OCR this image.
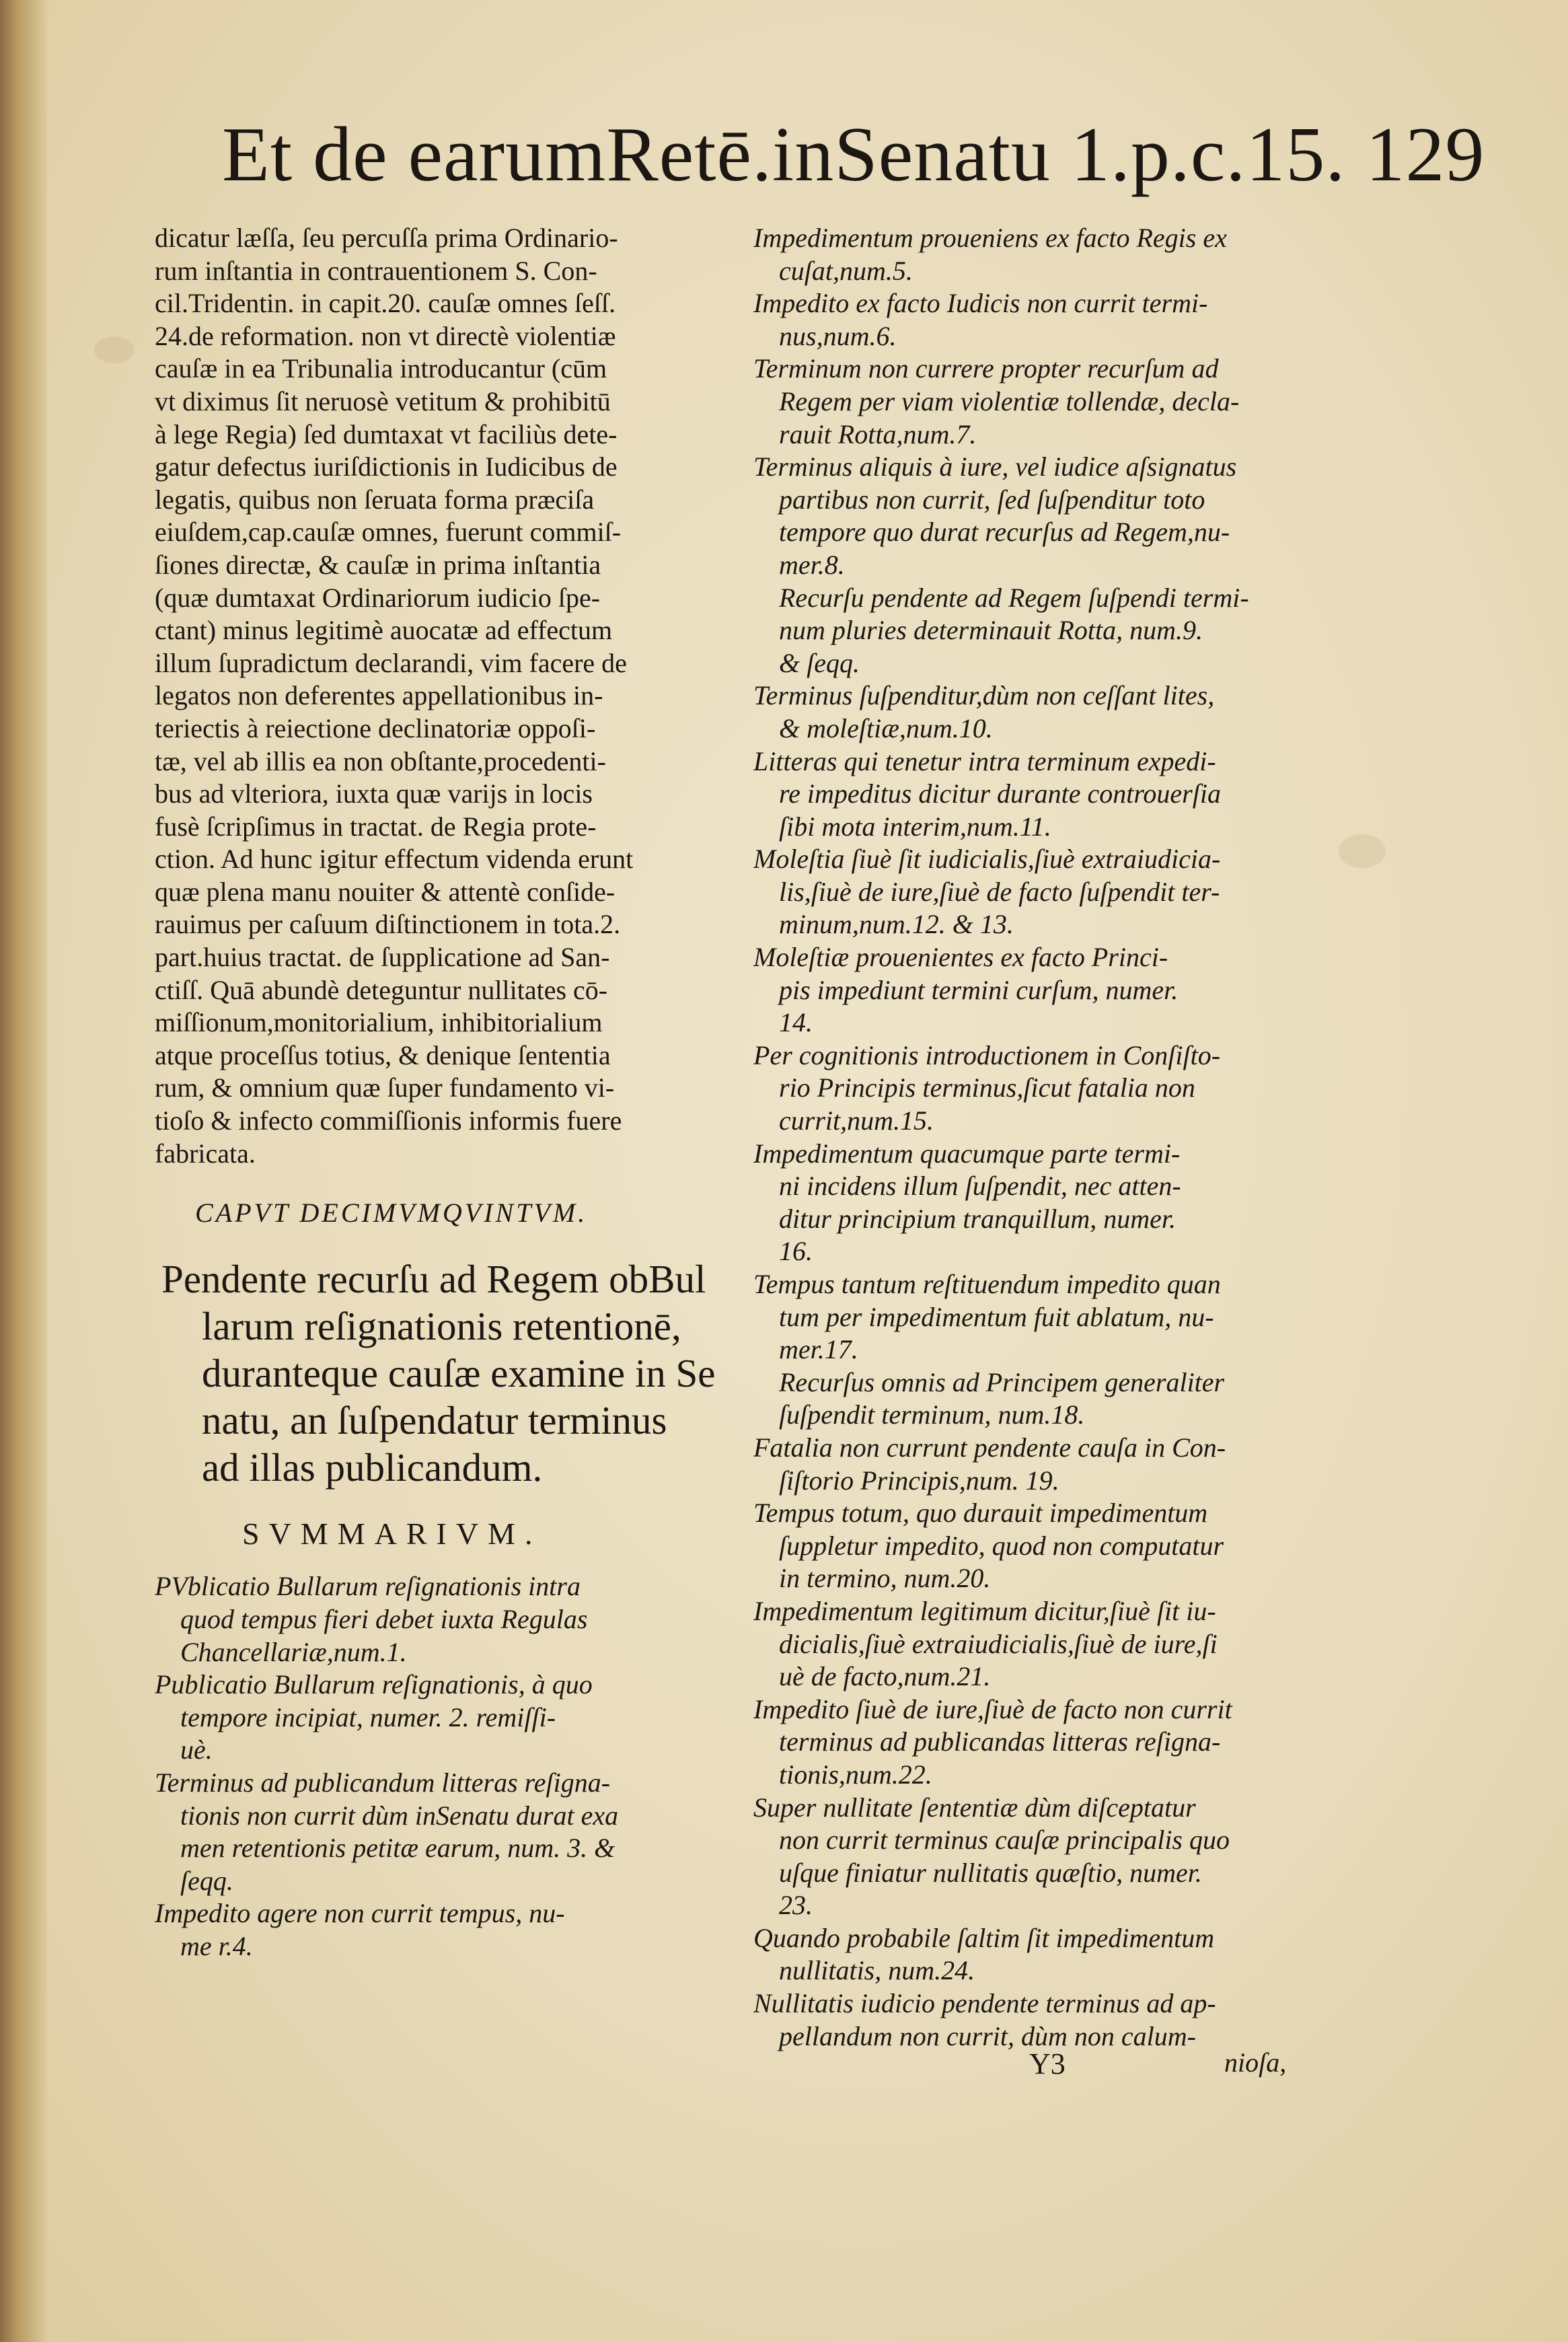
Et de earumRetē.inSenatu 1.p.c.15. 129
dicatur læſſa, ſeu percuſſa prima Ordinario-
rum inſtantia in contrauentionem S. Con-
cil.Tridentin. in capit.20. cauſæ omnes ſeſſ.
24.de reformation. non vt directè violentiæ
cauſæ in ea Tribunalia introducantur (cūm
vt diximus ſit neruosè vetitum & prohibitū
à lege Regia) ſed dumtaxat vt faciliùs dete-
gatur defectus iuriſdictionis in Iudicibus de
legatis, quibus non ſeruata forma præciſa
eiuſdem,cap.cauſæ omnes, fuerunt commiſ-
ſiones directæ, & cauſæ in prima inſtantia
(quæ dumtaxat Ordinariorum iudicio ſpe-
ctant) minus legitimè auocatæ ad effectum
illum ſupradictum declarandi, vim facere de
legatos non deferentes appellationibus in-
teriectis à reiectione declinatoriæ oppoſi-
tæ, vel ab illis ea non obſtante,procedenti-
bus ad vlteriora, iuxta quæ varijs in locis
fusè ſcripſimus in tractat. de Regia prote-
ction. Ad hunc igitur effectum videnda erunt
quæ plena manu nouiter & attentè conſide-
rauimus per caſuum diſtinctionem in tota.2.
part.huius tractat. de ſupplicatione ad San-
ctiſſ. Quā abundè deteguntur nullitates cō-
miſſionum,monitorialium, inhibitorialium
atque proceſſus totius, & denique ſententia
rum, & omnium quæ ſuper fundamento vi-
tioſo & infecto commiſſionis informis fuere
fabricata.
CAPVT DECIMVMQVINTVM.
Pendente recurſu ad Regem obBul
larum reſignationis retentionē,
duranteque cauſæ examine in Se
natu, an ſuſpendatur terminus
ad illas publicandum.
SVMMARIVM.
PVblicatio Bullarum reſignationis intra
quod tempus fieri debet iuxta Regulas
Chancellariæ,num.1.
Publicatio Bullarum reſignationis, à quo
tempore incipiat, numer. 2. remiſſi-
uè.
Terminus ad publicandum litteras reſigna-
tionis non currit dùm inSenatu durat exa
men retentionis petitæ earum, num. 3. &
ſeqq.
Impedito agere non currit tempus, nu-
me r.4.
Impedimentum proueniens ex facto Regis ex
cuſat,num.5.
Impedito ex facto Iudicis non currit termi-
nus,num.6.
Terminum non currere propter recurſum ad
Regem per viam violentiæ tollendæ, decla-
rauit Rotta,num.7.
Terminus aliquis à iure, vel iudice aſsignatus
partibus non currit, ſed ſuſpenditur toto
tempore quo durat recurſus ad Regem,nu-
mer.8.
Recurſu pendente ad Regem ſuſpendi termi-
num pluries determinauit Rotta, num.9.
& ſeqq.
Terminus ſuſpenditur,dùm non ceſſant lites,
& moleſtiæ,num.10.
Litteras qui tenetur intra terminum expedi-
re impeditus dicitur durante controuerſia
ſibi mota interim,num.11.
Moleſtia ſiuè ſit iudicialis,ſiuè extraiudicia-
lis,ſiuè de iure,ſiuè de facto ſuſpendit ter-
minum,num.12. & 13.
Moleſtiæ prouenientes ex facto Princi-
pis impediunt termini curſum, numer.
14.
Per cognitionis introductionem in Conſiſto-
rio Principis terminus,ſicut fatalia non
currit,num.15.
Impedimentum quacumque parte termi-
ni incidens illum ſuſpendit, nec atten-
ditur principium tranquillum, numer.
16.
Tempus tantum reſtituendum impedito quan
tum per impedimentum fuit ablatum, nu-
mer.17.
Recurſus omnis ad Principem generaliter
ſuſpendit terminum, num.18.
Fatalia non currunt pendente cauſa in Con-
ſiſtorio Principis,num. 19.
Tempus totum, quo durauit impedimentum
ſuppletur impedito, quod non computatur
in termino, num.20.
Impedimentum legitimum dicitur,ſiuè ſit iu-
dicialis,ſiuè extraiudicialis,ſiuè de iure,ſi
uè de facto,num.21.
Impedito ſiuè de iure,ſiuè de facto non currit
terminus ad publicandas litteras reſigna-
tionis,num.22.
Super nullitate ſententiæ dùm diſceptatur
non currit terminus cauſæ principalis quo
uſque finiatur nullitatis quæſtio, numer.
23.
Quando probabile ſaltim ſit impedimentum
nullitatis, num.24.
Nullitatis iudicio pendente terminus ad ap-
pellandum non currit, dùm non calum-
Y3	nioſa,
